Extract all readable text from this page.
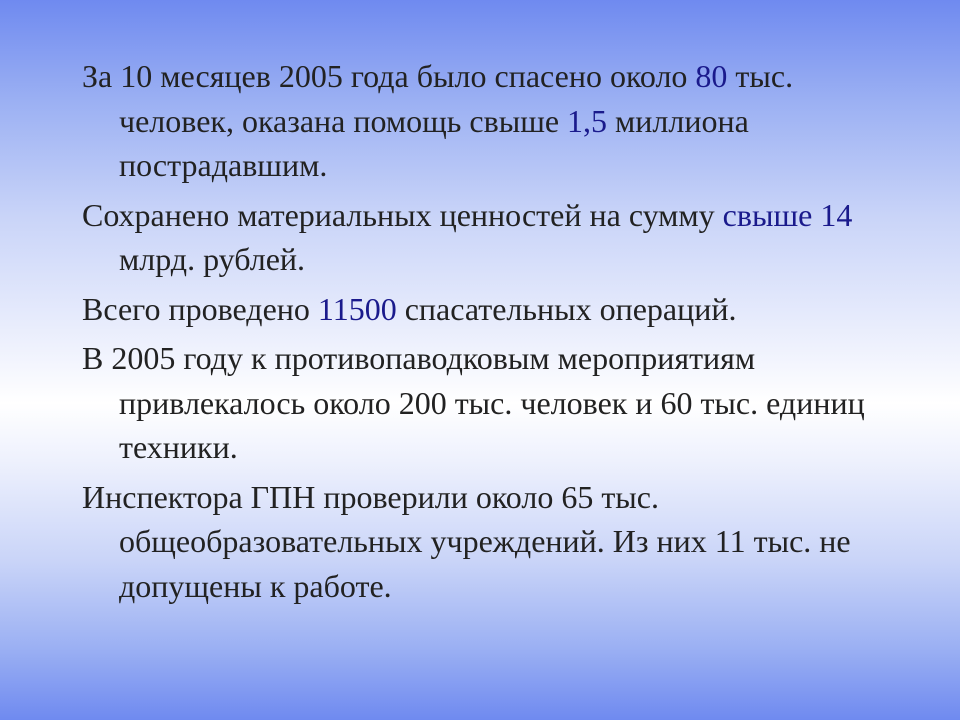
За 10 месяцев 2005 года было спасено около 80 тыс. человек, оказана помощь свыше 1,5 миллиона пострадавшим.

Сохранено материальных ценностей на сумму свыше 14 млрд. рублей.

Всего проведено 11500 спасательных операций.

В 2005 году к противопаводковым мероприятиям привлекалось около 200 тыс. человек и 60 тыс. единиц техники.

Инспектора ГПН проверили около 65 тыс. общеобразовательных учреждений. Из них 11 тыс. не допущены к работе.
